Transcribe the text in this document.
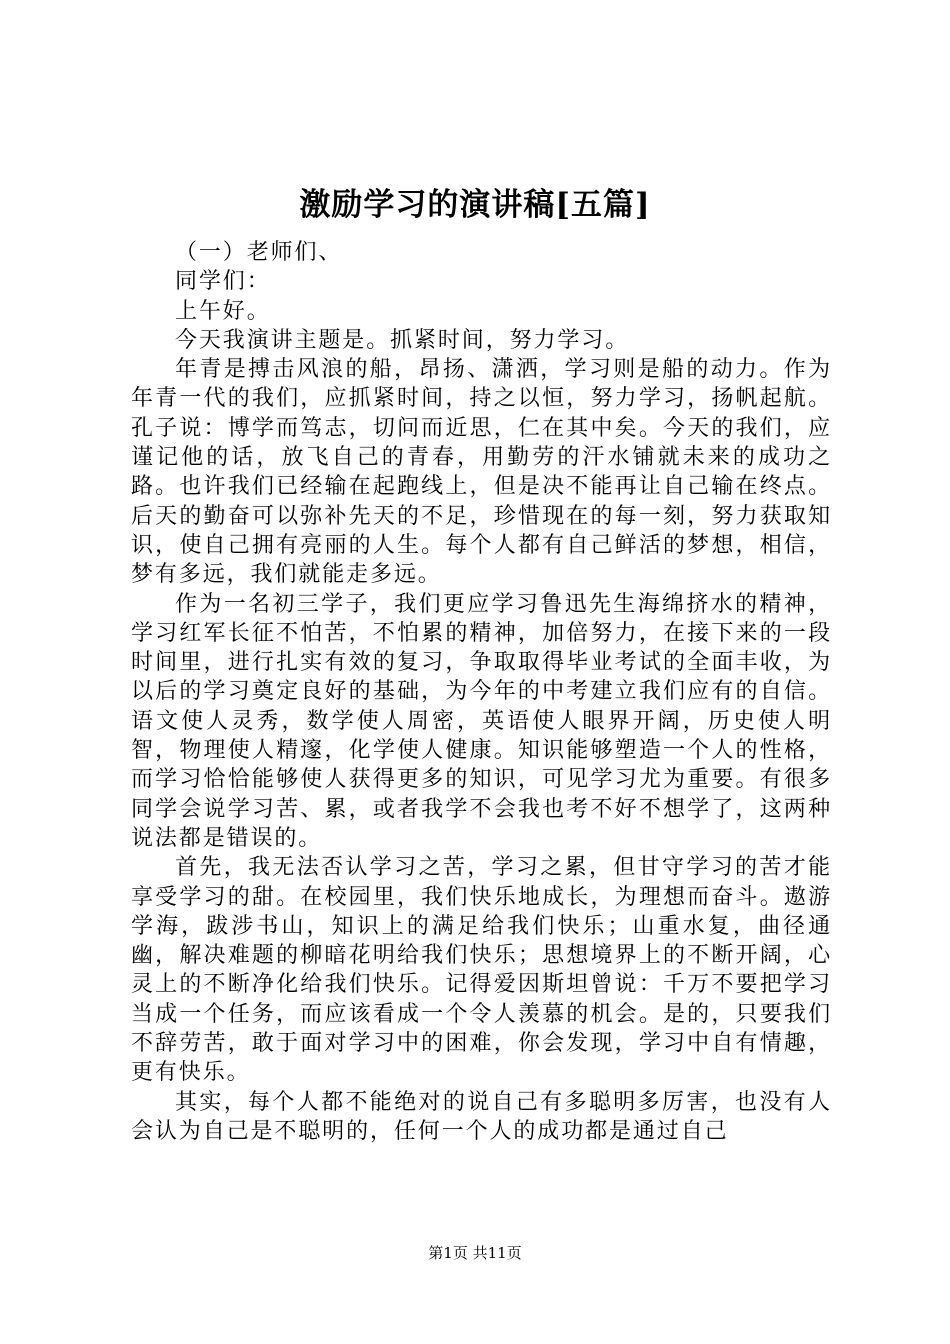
激励学习的演讲稿[五篇]

（一）老师们、

同学们：

上午好。

今天我演讲主题是。抓紧时间，努力学习。

年青是搏击风浪的船，昂扬、潇洒，学习则是船的动力。作为年青一代的我们，应抓紧时间，持之以恒，努力学习，扬帆起航。孔子说：博学而笃志，切问而近思，仁在其中矣。今天的我们，应谨记他的话，放飞自己的青春，用勤劳的汗水铺就未来的成功之路。也许我们已经输在起跑线上，但是决不能再让自己输在终点。后天的勤奋可以弥补先天的不足，珍惜现在的每一刻，努力获取知识，使自己拥有亮丽的人生。每个人都有自己鲜活的梦想，相信，梦有多远，我们就能走多远。

作为一名初三学子，我们更应学习鲁迅先生海绵挤水的精神，学习红军长征不怕苦，不怕累的精神，加倍努力，在接下来的一段时间里，进行扎实有效的复习，争取取得毕业考试的全面丰收，为以后的学习奠定良好的基础，为今年的中考建立我们应有的自信。语文使人灵秀，数学使人周密，英语使人眼界开阔，历史使人明智，物理使人精邃，化学使人健康。知识能够塑造一个人的性格，而学习恰恰能够使人获得更多的知识，可见学习尤为重要。有很多同学会说学习苦、累，或者我学不会我也考不好不想学了，这两种说法都是错误的。

首先，我无法否认学习之苦，学习之累，但甘守学习的苦才能享受学习的甜。在校园里，我们快乐地成长，为理想而奋斗。遨游学海，跋涉书山，知识上的满足给我们快乐；山重水复，曲径通幽，解决难题的柳暗花明给我们快乐；思想境界上的不断开阔，心灵上的不断净化给我们快乐。记得爱因斯坦曾说：千万不要把学习当成一个任务，而应该看成一个令人羡慕的机会。是的，只要我们不辞劳苦，敢于面对学习中的困难，你会发现，学习中自有情趣，更有快乐。

其实，每个人都不能绝对的说自己有多聪明多厉害，也没有人会认为自己是不聪明的，任何一个人的成功都是通过自己

第1页 共11页
